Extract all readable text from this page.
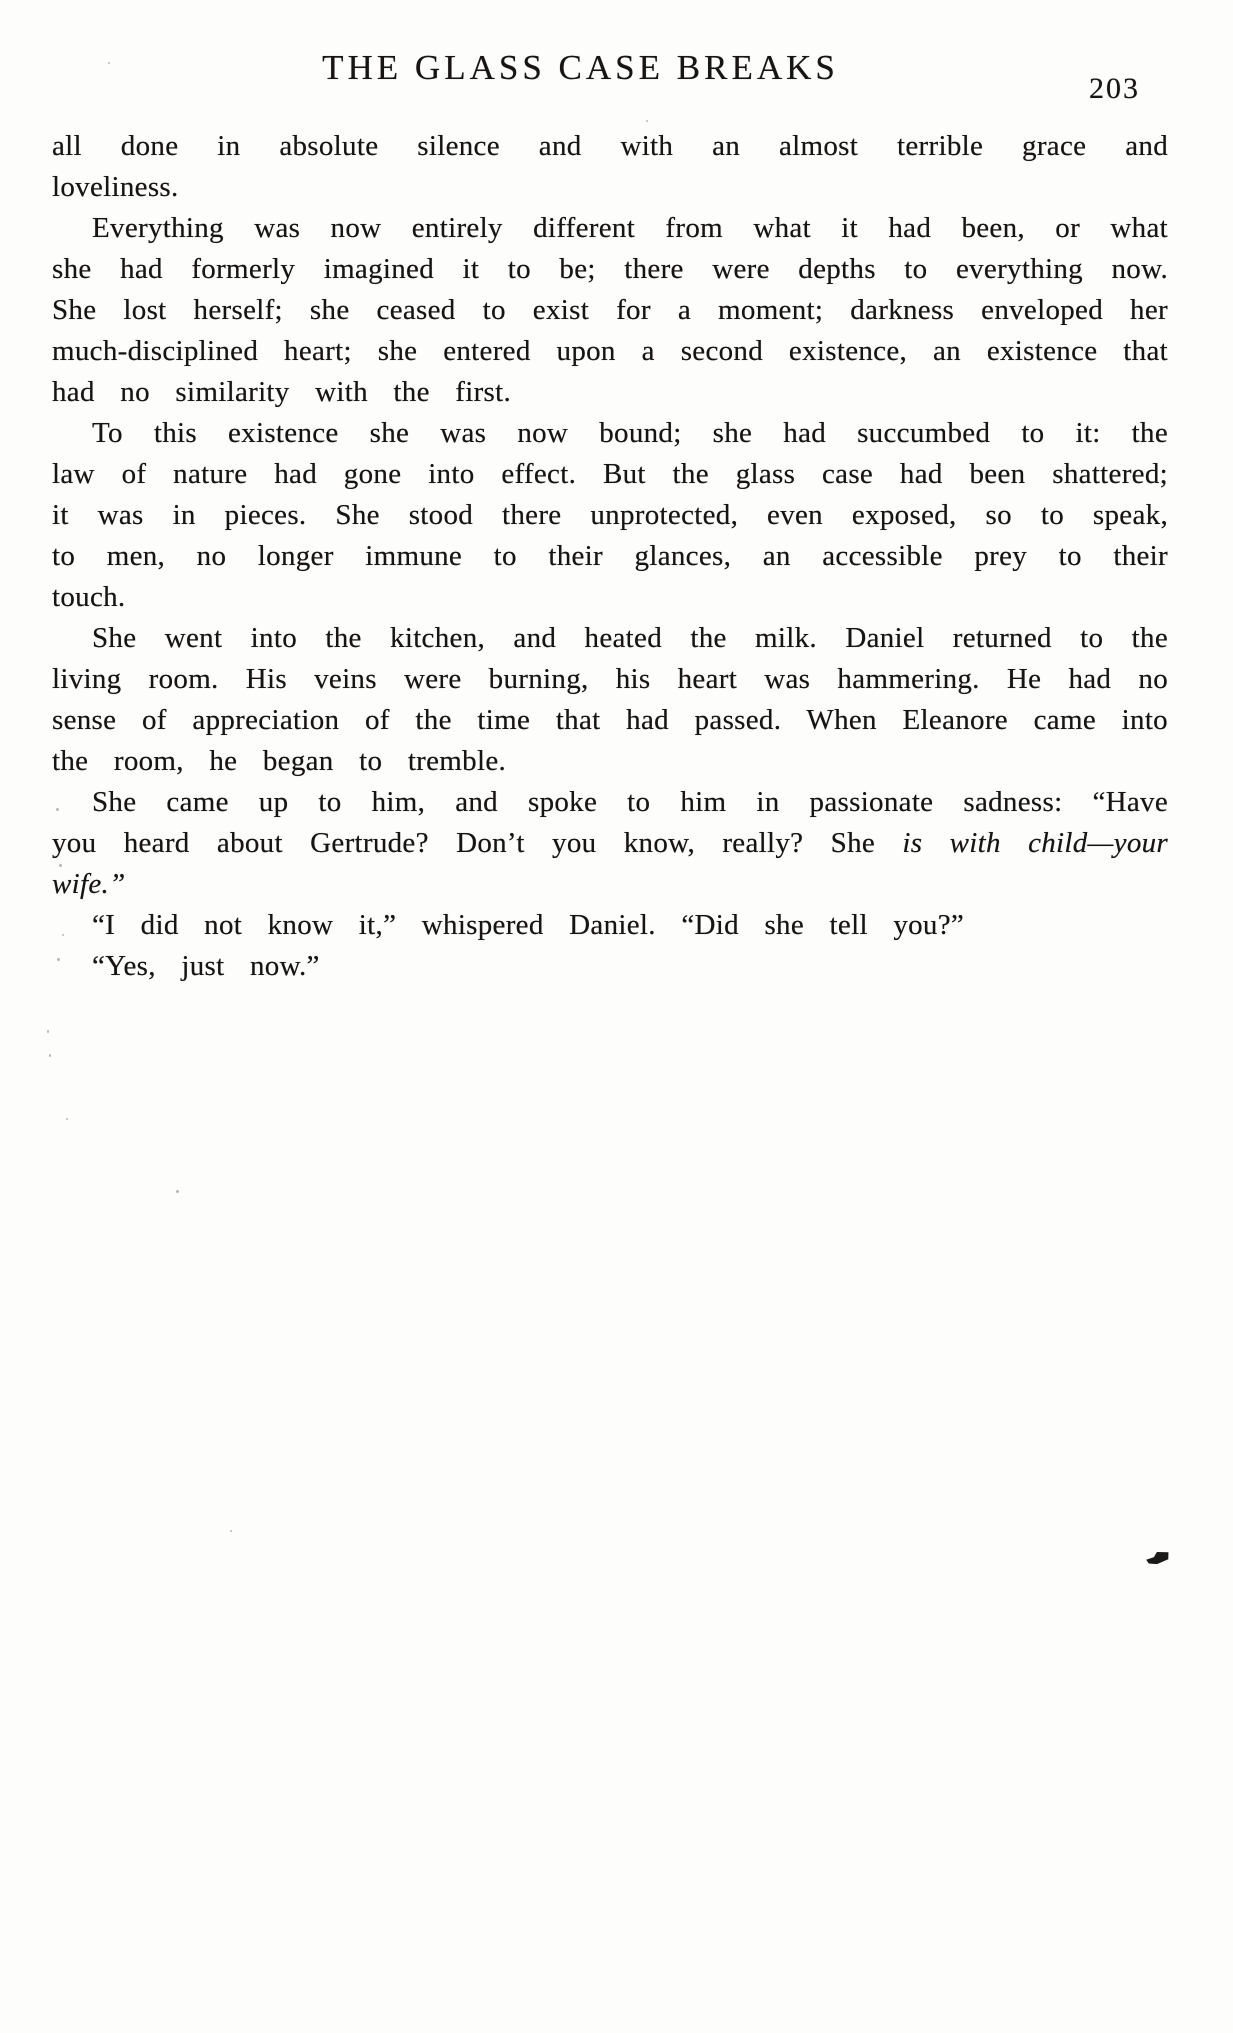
THE GLASS CASE BREAKS
203

all done in absolute silence and with an almost terrible grace and loveliness.

Everything was now entirely different from what it had been, or what she had formerly imagined it to be; there were depths to everything now. She lost herself; she ceased to exist for a moment; darkness enveloped her much-disciplined heart; she entered upon a second existence, an existence that had no similarity with the first.

To this existence she was now bound; she had succumbed to it: the law of nature had gone into effect. But the glass case had been shattered; it was in pieces. She stood there unprotected, even exposed, so to speak, to men, no longer immune to their glances, an accessible prey to their touch.

She went into the kitchen, and heated the milk. Daniel returned to the living room. His veins were burning, his heart was hammering. He had no sense of appreciation of the time that had passed. When Eleanore came into the room, he began to tremble.

She came up to him, and spoke to him in passionate sadness: “Have you heard about Gertrude? Don’t you know, really? She is with child—your wife.”

“I did not know it,” whispered Daniel. “Did she tell you?”

“Yes, just now.”
